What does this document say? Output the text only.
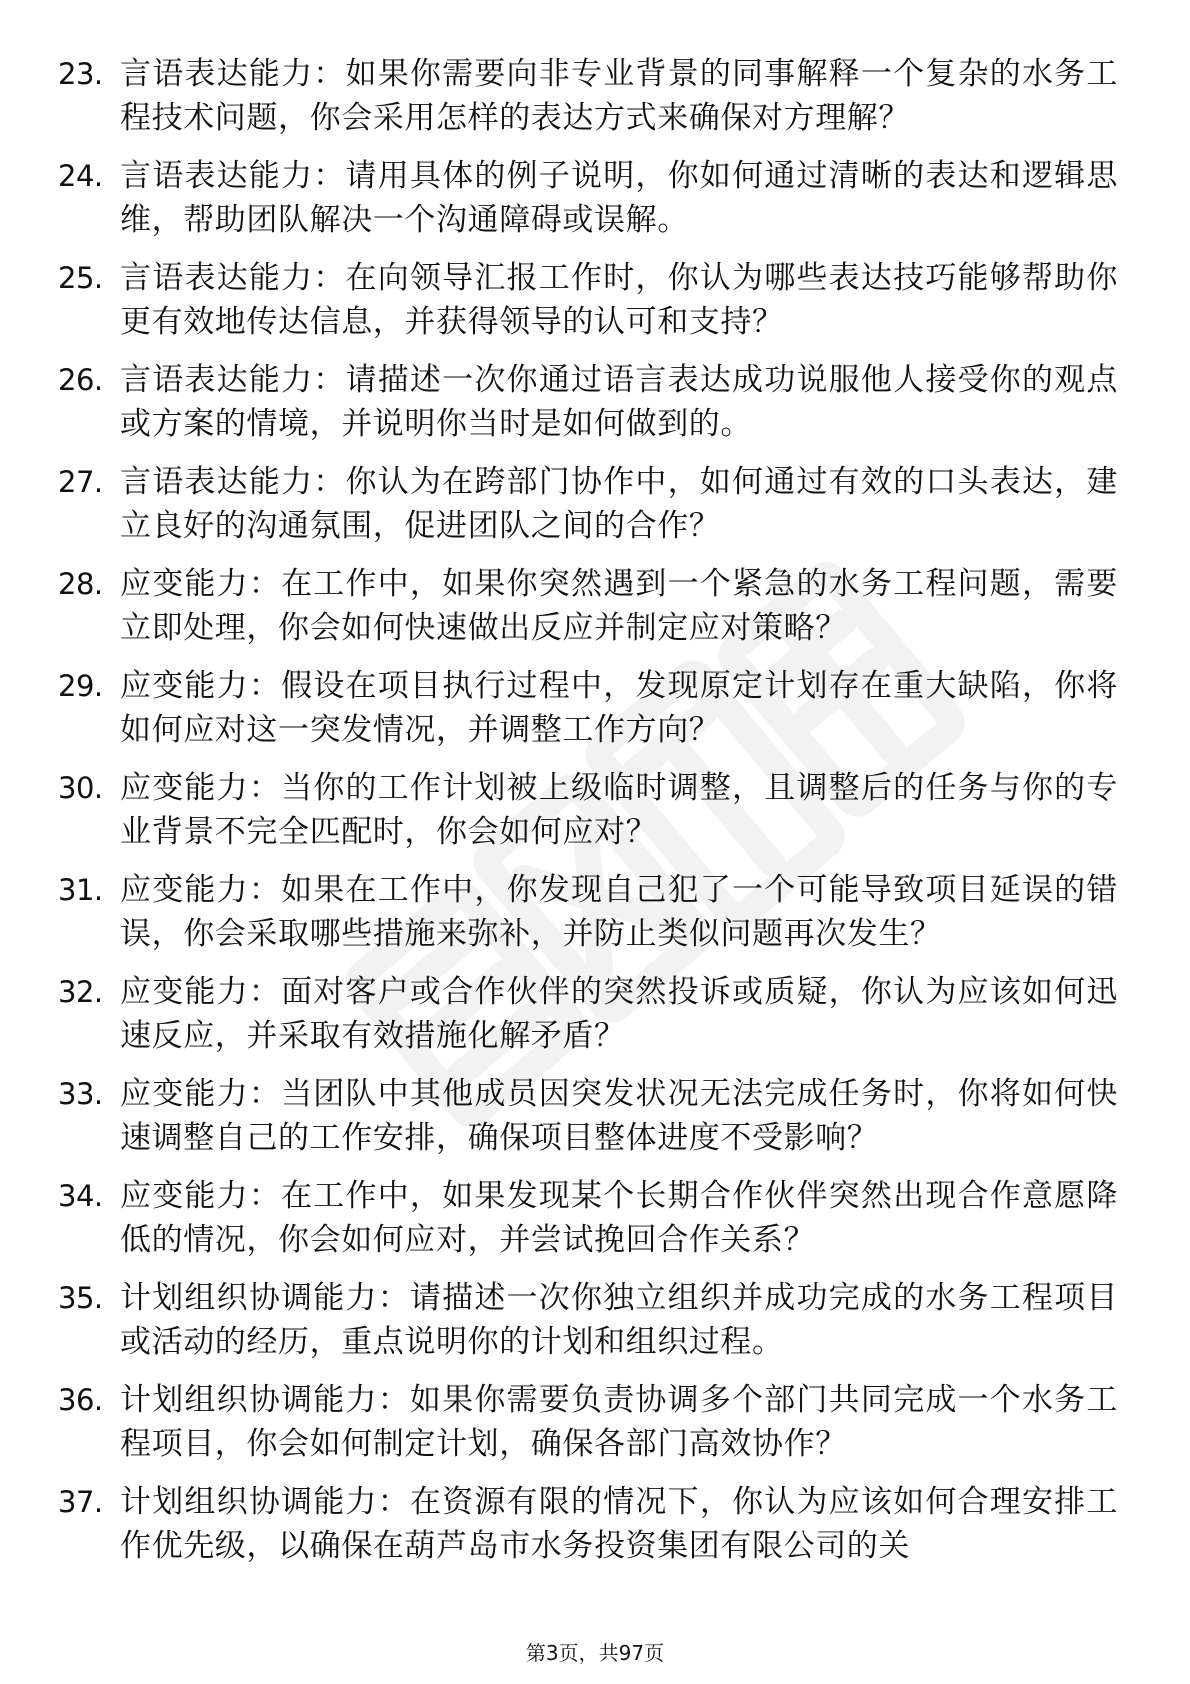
23. 言语表达能力：如果你需要向非专业背景的同事解释一个复杂的水务工程技术问题，你会采用怎样的表达方式来确保对方理解？
24. 言语表达能力：请用具体的例子说明，你如何通过清晰的表达和逻辑思维，帮助团队解决一个沟通障碍或误解。
25. 言语表达能力：在向领导汇报工作时，你认为哪些表达技巧能够帮助你更有效地传达信息，并获得领导的认可和支持？
26. 言语表达能力：请描述一次你通过语言表达成功说服他人接受你的观点或方案的情境，并说明你当时是如何做到的。
27. 言语表达能力：你认为在跨部门协作中，如何通过有效的口头表达，建立良好的沟通氛围，促进团队之间的合作？
28. 应变能力：在工作中，如果你突然遇到一个紧急的水务工程问题，需要立即处理，你会如何快速做出反应并制定应对策略？
29. 应变能力：假设在项目执行过程中，发现原定计划存在重大缺陷，你将如何应对这一突发情况，并调整工作方向？
30. 应变能力：当你的工作计划被上级临时调整，且调整后的任务与你的专业背景不完全匹配时，你会如何应对？
31. 应变能力：如果在工作中，你发现自己犯了一个可能导致项目延误的错误，你会采取哪些措施来弥补，并防止类似问题再次发生？
32. 应变能力：面对客户或合作伙伴的突然投诉或质疑，你认为应该如何迅速反应，并采取有效措施化解矛盾？
33. 应变能力：当团队中其他成员因突发状况无法完成任务时，你将如何快速调整自己的工作安排，确保项目整体进度不受影响？
34. 应变能力：在工作中，如果发现某个长期合作伙伴突然出现合作意愿降低的情况，你会如何应对，并尝试挽回合作关系？
35. 计划组织协调能力：请描述一次你独立组织并成功完成的水务工程项目或活动的经历，重点说明你的计划和组织过程。
36. 计划组织协调能力：如果你需要负责协调多个部门共同完成一个水务工程项目，你会如何制定计划，确保各部门高效协作？
37. 计划组织协调能力：在资源有限的情况下，你认为应该如何合理安排工作优先级，以确保在葫芦岛市水务投资集团有限公司的关
第3页，共97页
